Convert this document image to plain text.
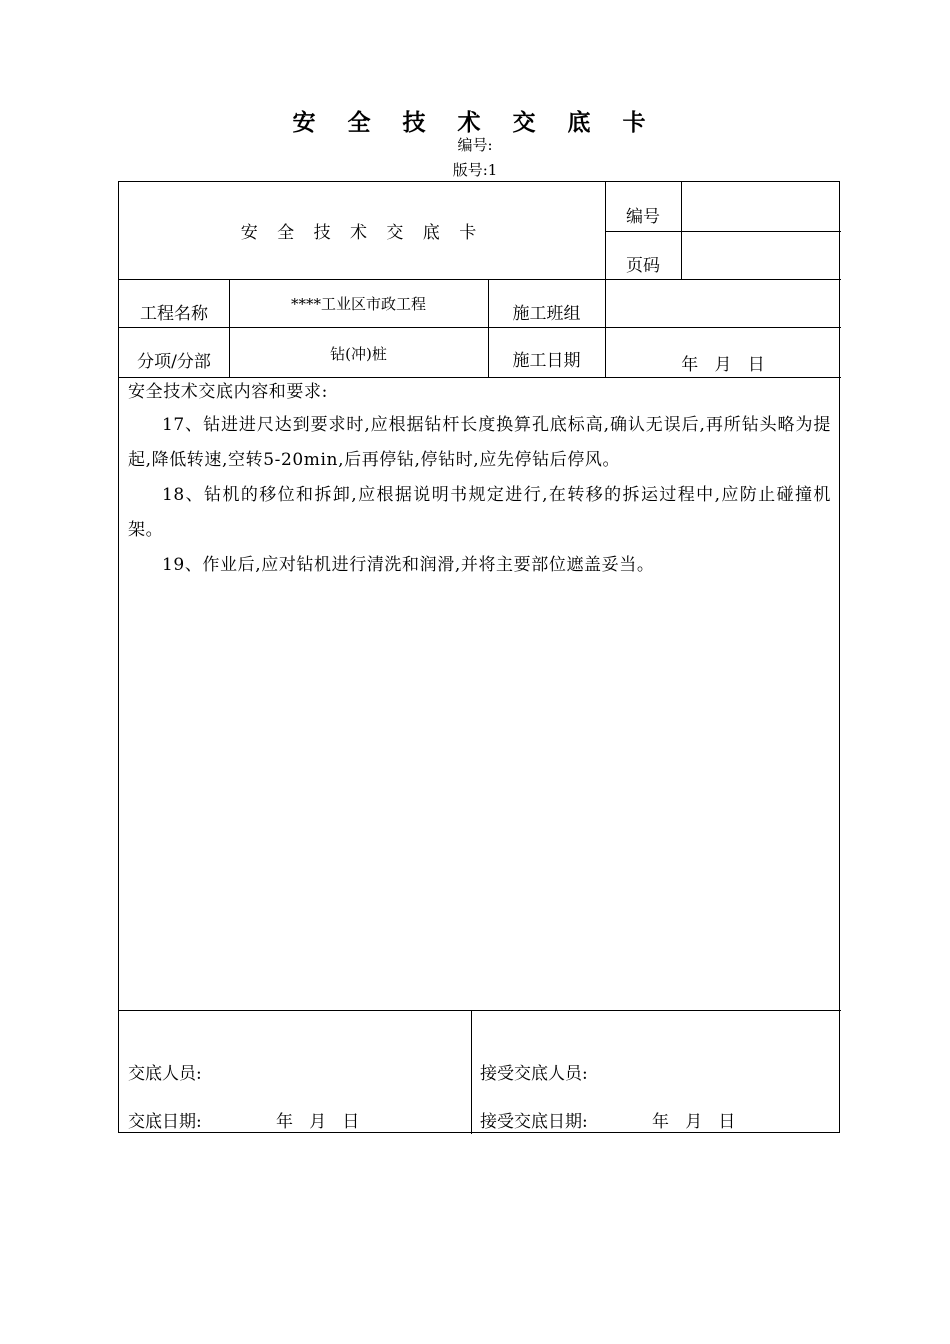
安 全 技 术 交 底 卡
编号:
版号:1
安 全 技 术 交 底 卡
编号
页码
工程名称	****工业区市政工程	施工班组
分项/分部	钻(冲)桩	施工日期	年   月   日

安全技术交底内容和要求:

17、钻进进尺达到要求时,应根据钻杆长度换算孔底标高,确认无误后,再所钻头略为提起,降低转速,空转5-20min,后再停钻,停钻时,应先停钻后停风。

18、钻机的移位和拆卸,应根据说明书规定进行,在转移的拆运过程中,应防止碰撞机架。

19、作业后,应对钻机进行清洗和润滑,并将主要部位遮盖妥当。

交底人员:
交底日期:	年   月   日
接受交底人员:
接受交底日期:	年   月   日
